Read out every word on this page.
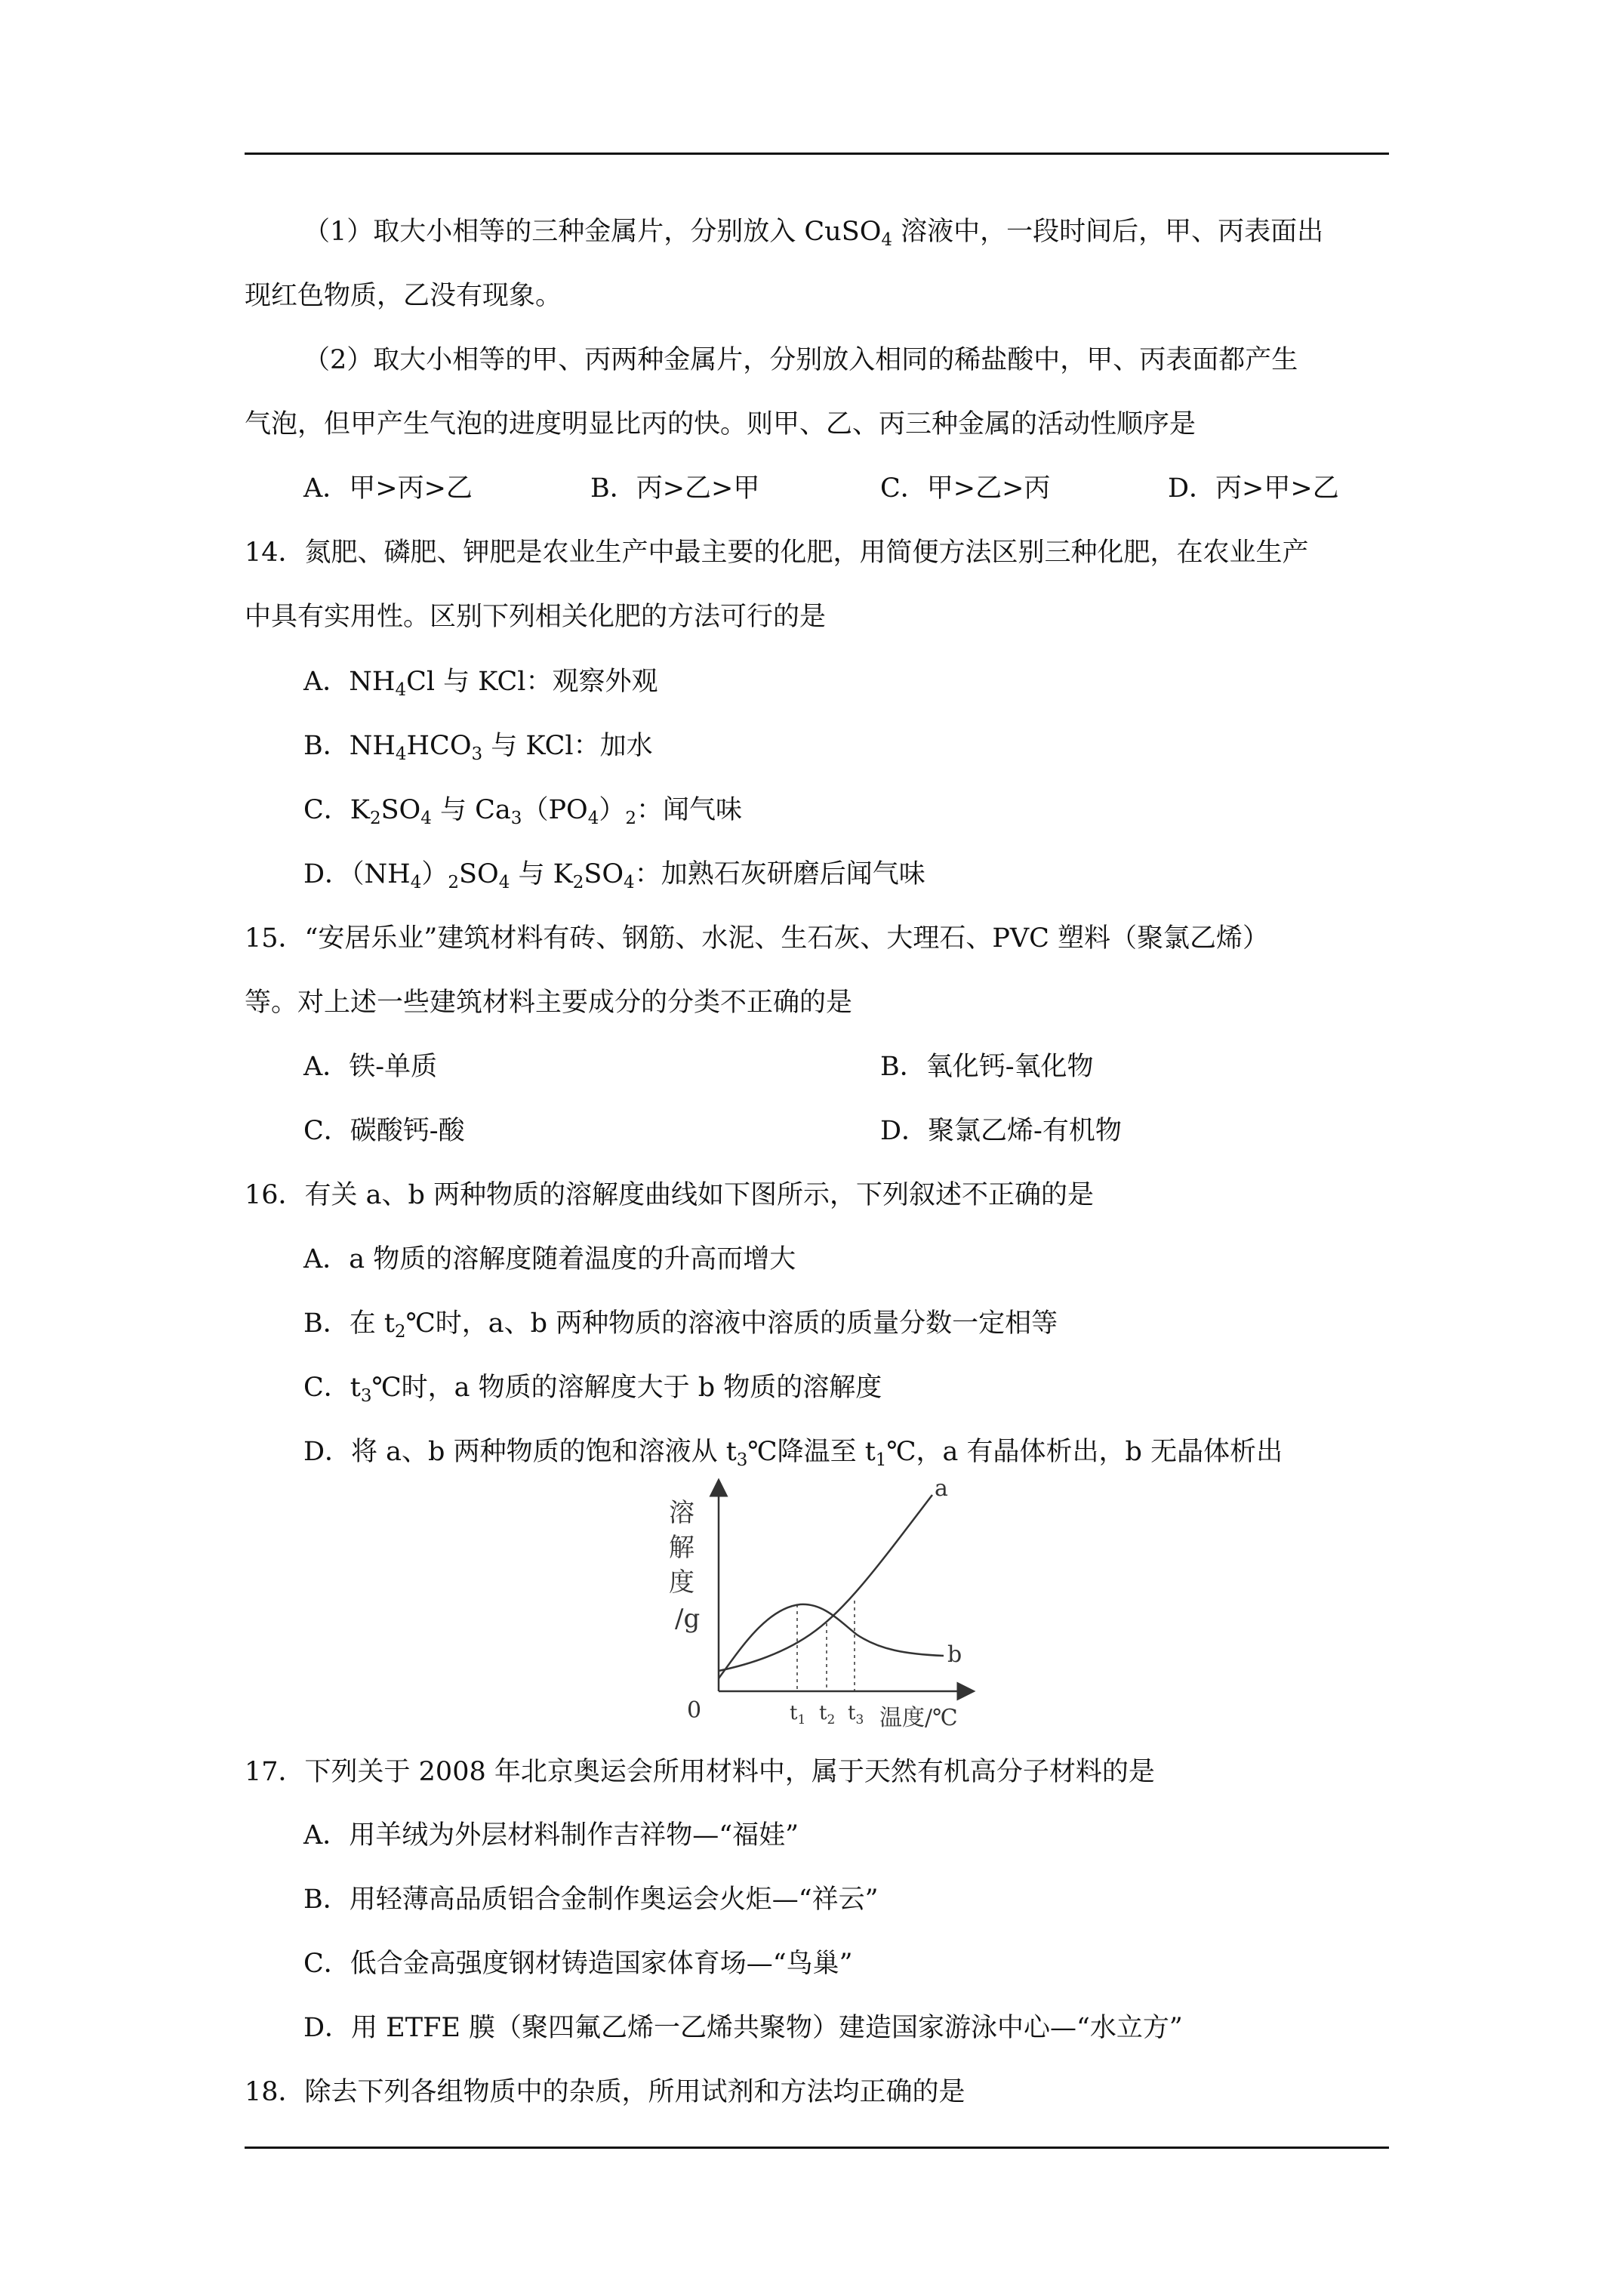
（1）取大小相等的三种金属片，分别放入 CuSO$_4$ 溶液中，一段时间后，甲、丙表面出
现红色物质，乙没有现象。
（2）取大小相等的甲、丙两种金属片，分别放入相同的稀盐酸中，甲、丙表面都产生
气泡，但甲产生气泡的进度明显比丙的快。则甲、乙、丙三种金属的活动性顺序是
A．甲>丙>乙	B．丙>乙>甲	C．甲>乙>丙	D．丙>甲>乙
14．氮肥、磷肥、钾肥是农业生产中最主要的化肥，用简便方法区别三种化肥，在农业生产
中具有实用性。区别下列相关化肥的方法可行的是
A．$NH_4Cl$ 与 KCl：观察外观
B．$NH_4HCO_3$ 与 KCl：加水
C．$K_2SO_4$ 与 $Ca_3(PO_4)_2$：闻气味
D．$(NH_4)_2SO_4$ 与 $K_2SO_4$：加熟石灰研磨后闻气味
15．“安居乐业”建筑材料有砖、钢筋、水泥、生石灰、大理石、PVC 塑料（聚氯乙烯）
等。对上述一些建筑材料主要成分的分类不正确的是
A．铁-单质	B．氧化钙-氧化物
C．碳酸钙-酸	D．聚氯乙烯-有机物
16．有关 a、b 两种物质的溶解度曲线如下图所示，下列叙述不正确的是
A．a 物质的溶解度随着温度的升高而增大
B．在 $t_2℃$时，a、b 两种物质的溶液中溶质的质量分数一定相等
C．$t_3℃$时，a 物质的溶解度大于 b 物质的溶解度
D．将 a、b 两种物质的饱和溶液从 $t_3℃$降温至 $t_1℃$，a 有晶体析出，b 无晶体析出
溶
解
度
/g
0	$t_1$ $t_2$ $t_3$ 温度/℃
a
b
17．下列关于 2008 年北京奥运会所用材料中，属于天然有机高分子材料的是
A．用羊绒为外层材料制作吉祥物—“福娃”
B．用轻薄高品质铝合金制作奥运会火炬—“祥云”
C．低合金高强度钢材铸造国家体育场—“鸟巢”
D．用 ETFE 膜（聚四氟乙烯一乙烯共聚物）建造国家游泳中心—“水立方”
18．除去下列各组物质中的杂质，所用试剂和方法均正确的是
